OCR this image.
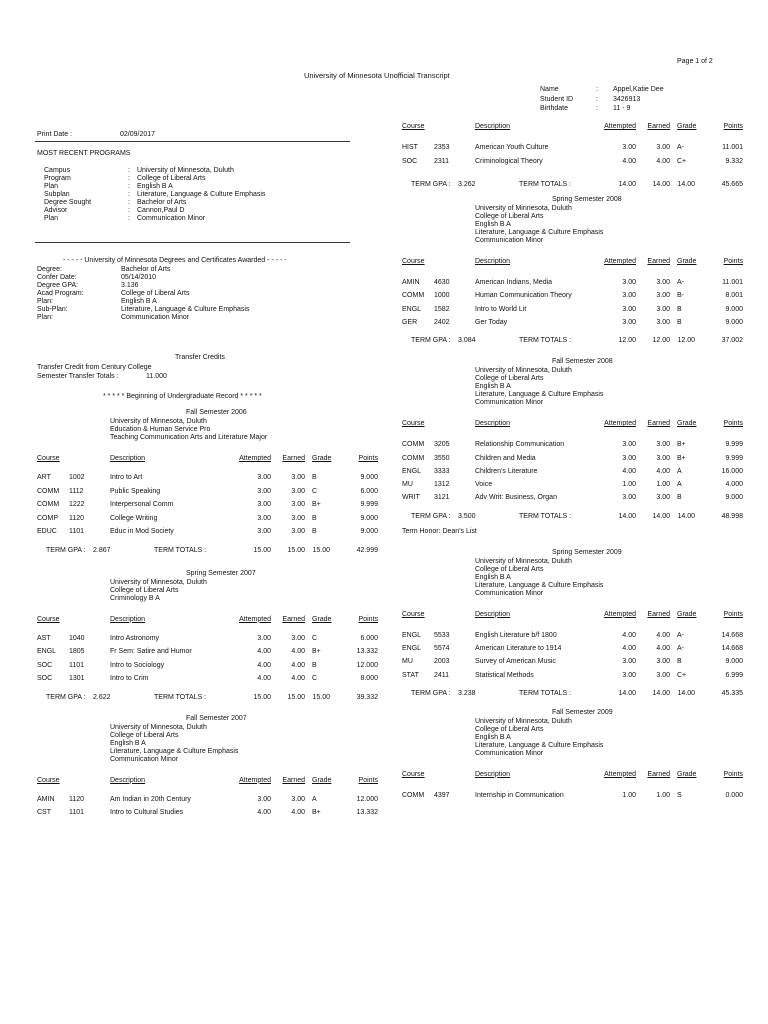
Page 1 of 2
University of Minnesota Unofficial Transcript
Name	: Appel,Katie Dee
Student ID	: 3426913
Birthdate	: 11 - 9
Print Date :	02/09/2017
MOST RECENT PROGRAMS
Campus	: University of Minnesota, Duluth
Program	: College of Liberal Arts
Plan	: English B A
Subplan	: Literature, Language & Culture Emphasis
Degree Sought	: Bachelor of Arts
Advisor	: Cannon,Paul D
Plan	: Communication Minor
- - - - - University of Minnesota Degrees and Certificates Awarded - - - - -
Degree:	Bachelor of Arts
Confer Date:	05/14/2010
Degree GPA:	3.136
Acad Program:	College of Liberal Arts
Plan:	English B A
Sub-Plan:	Literature, Language & Culture Emphasis
Plan:	Communication Minor
Transfer Credits
Transfer Credit from Century College
Semester Transfer Totals :	11.000
* * * * * Beginning of Undergraduate Record * * * * *
Fall Semester 2006
University of Minnesota, Duluth
Education & Human Service Pro
Teaching Communication Arts and Literature Major
Course	Description	Attempted	Earned Grade	Points
ART	1002	Intro to Art	3.00	3.00 B	9.000
COMM 1112	Public Speaking	3.00	3.00 C	6.000
COMM 1222	Interpersonal Comm	3.00	3.00 B+	9.999
COMP 1120	College Writing	3.00	3.00 B	9.000
EDUC 1101	Educ in Mod Society	3.00	3.00 B	9.000
TERM GPA : 2.867	TERM TOTALS :	15.00	15.00	15.00	42.999
Spring Semester 2007
University of Minnesota, Duluth
College of Liberal Arts
Criminology B A
Course	Description	Attempted	Earned Grade	Points
AST	1040	Intro Astronomy	3.00	3.00 C	6.000
ENGL 1805	Fr Sem: Satire and Humor	4.00	4.00 B+	13.332
SOC 1101	Intro to Sociology	4.00	4.00 B	12.000
SOC 1301	Intro to Crim	4.00	4.00 C	8.000
TERM GPA : 2.622	TERM TOTALS :	15.00	15.00	15.00	39.332
Fall Semester 2007
University of Minnesota, Duluth
College of Liberal Arts
English B A
Literature, Language & Culture Emphasis
Communication Minor
Course	Description	Attempted	Earned Grade	Points
AMIN 1120	Am Indian in 20th Century	3.00	3.00 A	12.000
CST	1101	Intro to Cultural Studies	4.00	4.00 B+	13.332
Course	Description	Attempted	Earned Grade	Points
HIST 2353	American Youth Culture	3.00	3.00 A-	11.001
SOC 2311	Criminological Theory	4.00	4.00 C+	9.332
TERM GPA : 3.262	TERM TOTALS :	14.00	14.00	14.00	45.665
Spring Semester 2008
University of Minnesota, Duluth
College of Liberal Arts
English B A
Literature, Language & Culture Emphasis
Communication Minor
Course	Description	Attempted	Earned Grade	Points
AMIN 4630	American Indians, Media	3.00	3.00 A-	11.001
COMM 1000	Human Communication Theory	3.00	3.00 B-	8.001
ENGL 1582	Intro to World Lit	3.00	3.00 B	9.000
GER 2402	Ger Today	3.00	3.00 B	9.000
TERM GPA : 3.084	TERM TOTALS :	12.00	12.00	12.00	37.002
Fall Semester 2008
University of Minnesota, Duluth
College of Liberal Arts
English B A
Literature, Language & Culture Emphasis
Communication Minor
Course	Description	Attempted	Earned Grade	Points
COMM 3205	Relationship Communication	3.00	3.00 B+	9.999
COMM 3550	Children and Media	3.00	3.00 B+	9.999
ENGL 3333	Children's Literature	4.00	4.00 A	16.000
MU	1312	Voice	1.00	1.00 A	4.000
WRIT 3121	Adv Writ: Business, Organ	3.00	3.00 B	9.000
TERM GPA : 3.500	TERM TOTALS :	14.00	14.00	14.00	48.998
Term Honor: Dean's List
Spring Semester 2009
University of Minnesota, Duluth
College of Liberal Arts
English B A
Literature, Language & Culture Emphasis
Communication Minor
Course	Description	Attempted	Earned Grade	Points
ENGL 5533	English Literature b/f 1800	4.00	4.00 A-	14.668
ENGL 5574	American Literature to 1914	4.00	4.00 A-	14.668
MU	2003	Survey of American Music	3.00	3.00 B	9.000
STAT 2411	Statistical Methods	3.00	3.00 C+	6.999
TERM GPA : 3.238	TERM TOTALS :	14.00	14.00	14.00	45.335
Fall Semester 2009
University of Minnesota, Duluth
College of Liberal Arts
English B A
Literature, Language & Culture Emphasis
Communication Minor
Course	Description	Attempted	Earned Grade	Points
COMM 4397	Internship in Communication	1.00	1.00 S	0.000
